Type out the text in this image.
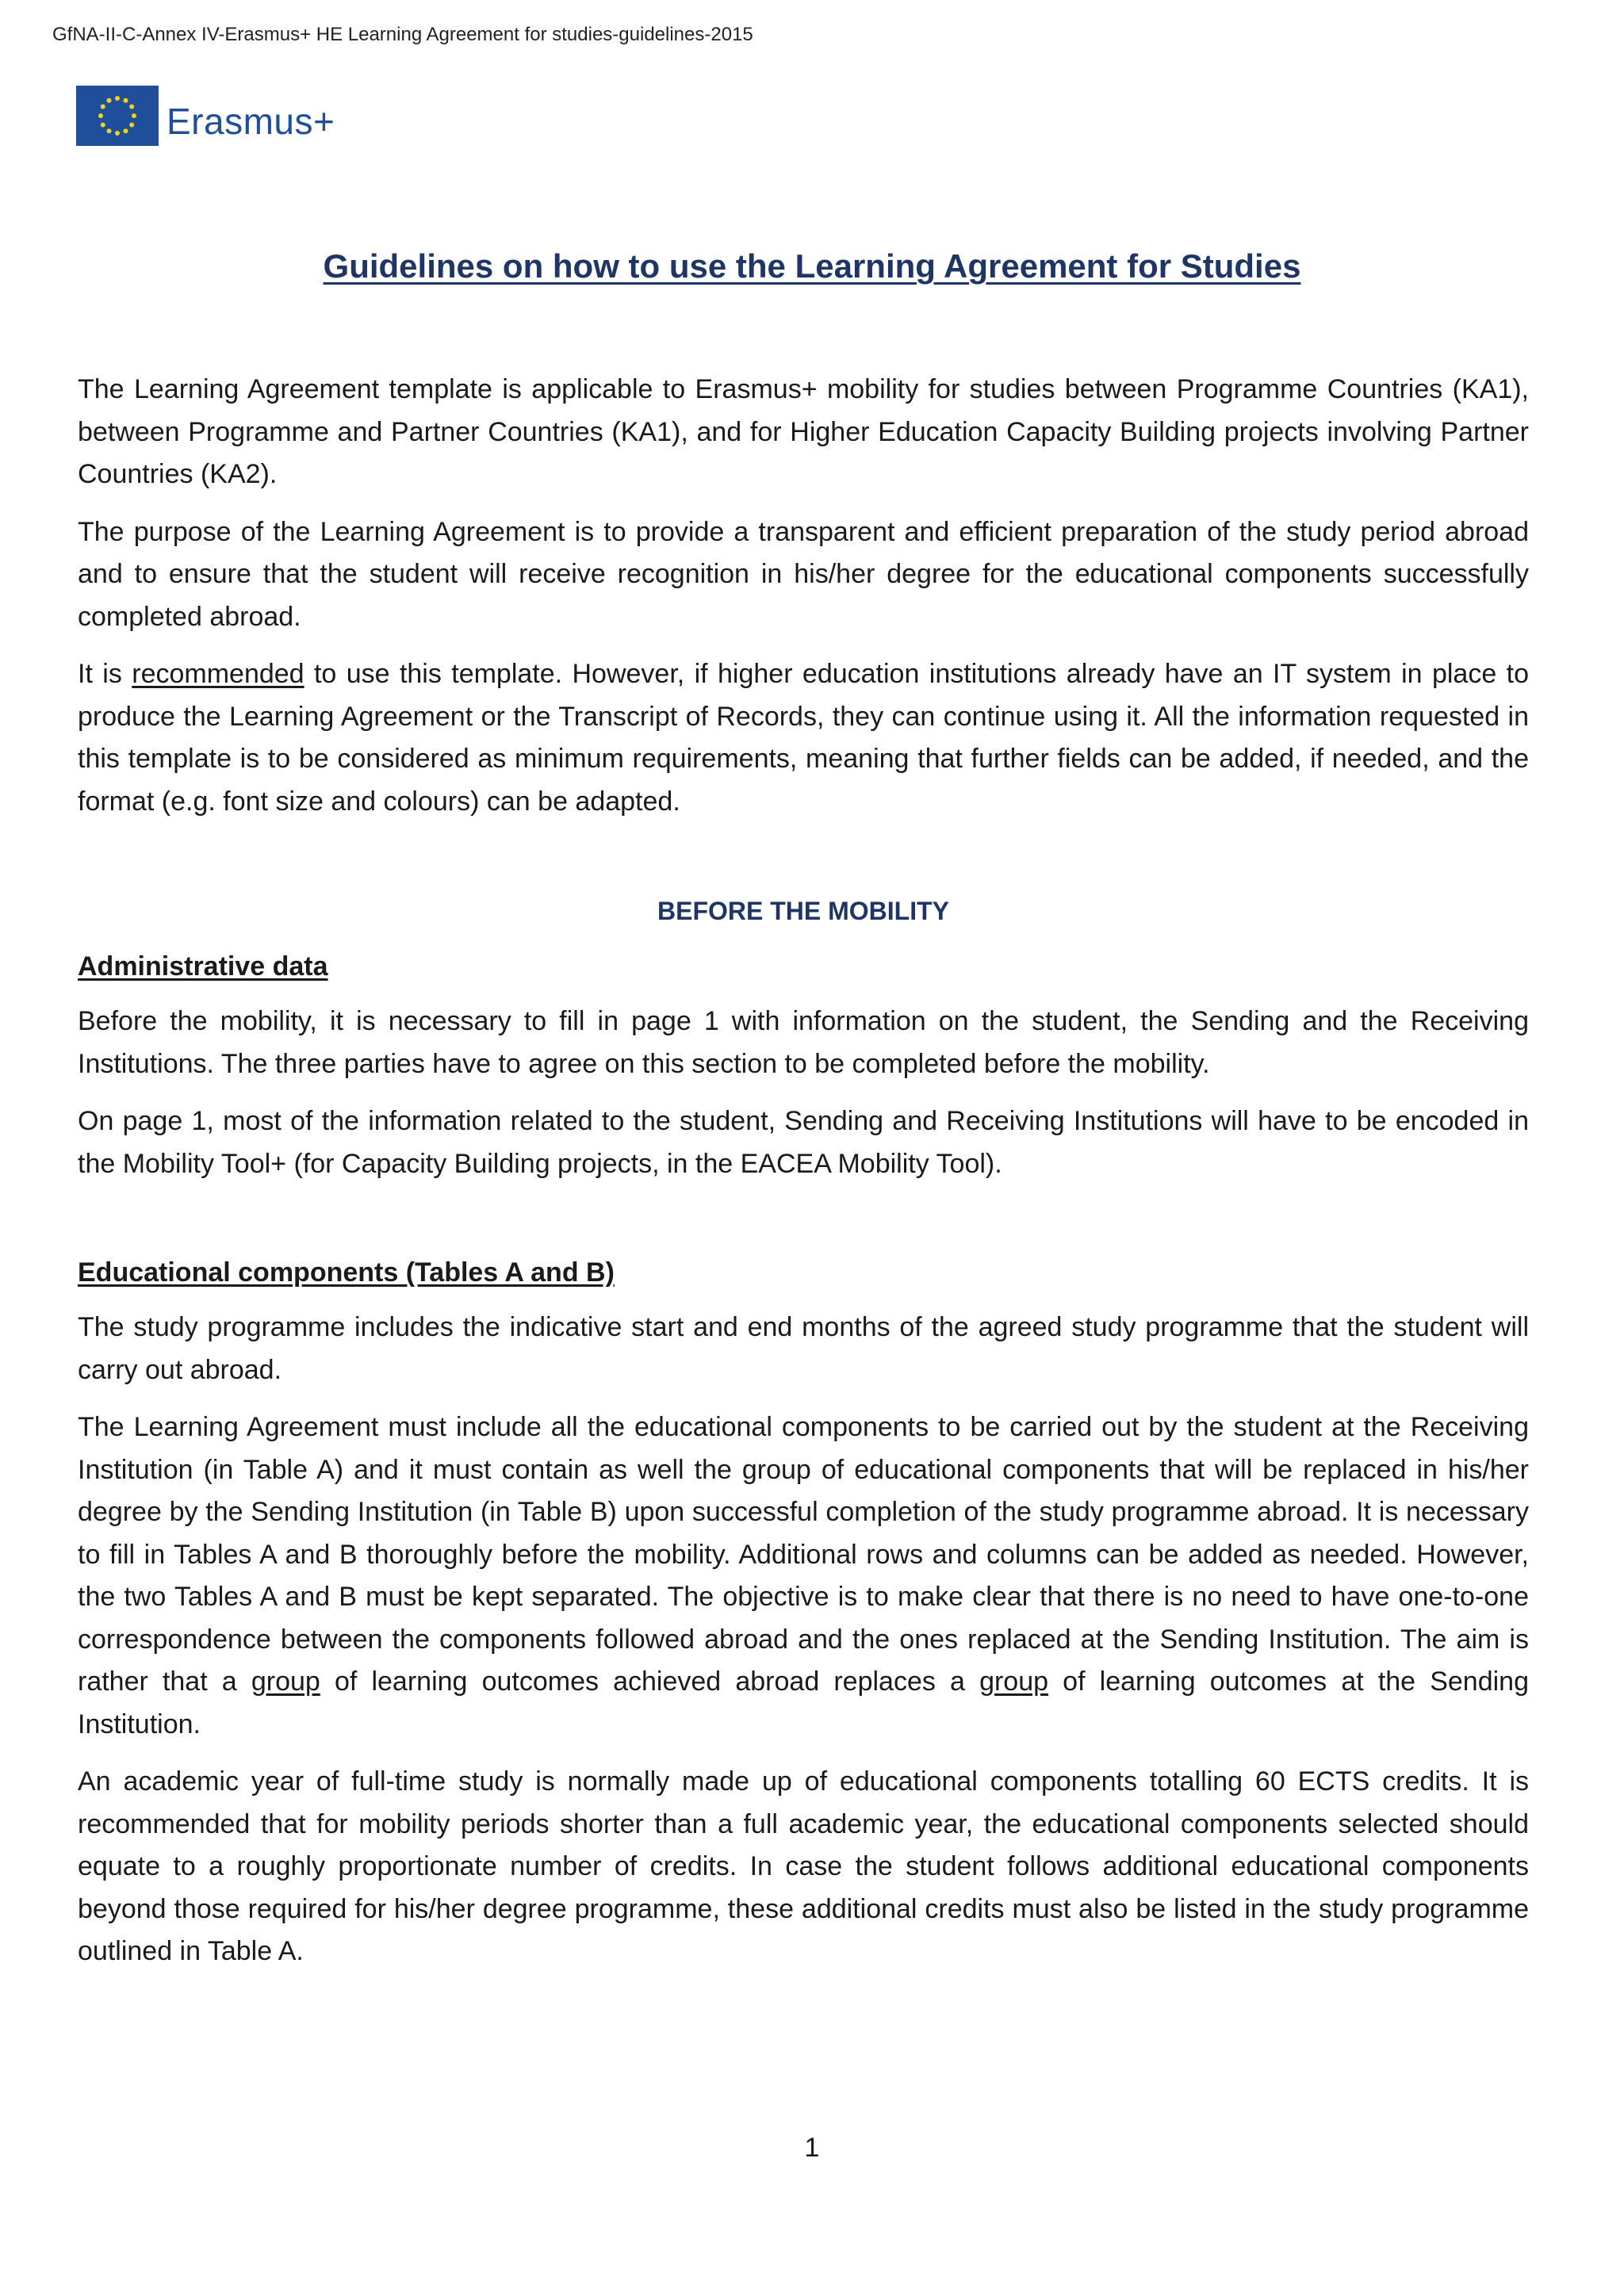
GfNA-II-C-Annex IV-Erasmus+ HE Learning Agreement for studies-guidelines-2015
Erasmus+
Guidelines on how to use the Learning Agreement for Studies

The Learning Agreement template is applicable to Erasmus+ mobility for studies between Programme Countries (KA1), between Programme and Partner Countries (KA1), and for Higher Education Capacity Building projects involving Partner Countries (KA2).

The purpose of the Learning Agreement is to provide a transparent and efficient preparation of the study period abroad and to ensure that the student will receive recognition in his/her degree for the educational components successfully completed abroad.

It is recommended to use this template. However, if higher education institutions already have an IT system in place to produce the Learning Agreement or the Transcript of Records, they can continue using it. All the information requested in this template is to be considered as minimum requirements, meaning that further fields can be added, if needed, and the format (e.g. font size and colours) can be adapted.

BEFORE THE MOBILITY
Administrative data

Before the mobility, it is necessary to fill in page 1 with information on the student, the Sending and the Receiving Institutions. The three parties have to agree on this section to be completed before the mobility.

On page 1, most of the information related to the student, Sending and Receiving Institutions will have to be encoded in the Mobility Tool+ (for Capacity Building projects, in the EACEA Mobility Tool).

Educational components (Tables A and B)

The study programme includes the indicative start and end months of the agreed study programme that the student will carry out abroad.

The Learning Agreement must include all the educational components to be carried out by the student at the Receiving Institution (in Table A) and it must contain as well the group of educational components that will be replaced in his/her degree by the Sending Institution (in Table B) upon successful completion of the study programme abroad. It is necessary to fill in Tables A and B thoroughly before the mobility. Additional rows and columns can be added as needed. However, the two Tables A and B must be kept separated. The objective is to make clear that there is no need to have one-to-one correspondence between the components followed abroad and the ones replaced at the Sending Institution. The aim is rather that a group of learning outcomes achieved abroad replaces a group of learning outcomes at the Sending Institution.

An academic year of full-time study is normally made up of educational components totalling 60 ECTS credits. It is recommended that for mobility periods shorter than a full academic year, the educational components selected should equate to a roughly proportionate number of credits. In case the student follows additional educational components beyond those required for his/her degree programme, these additional credits must also be listed in the study programme outlined in Table A.

1
